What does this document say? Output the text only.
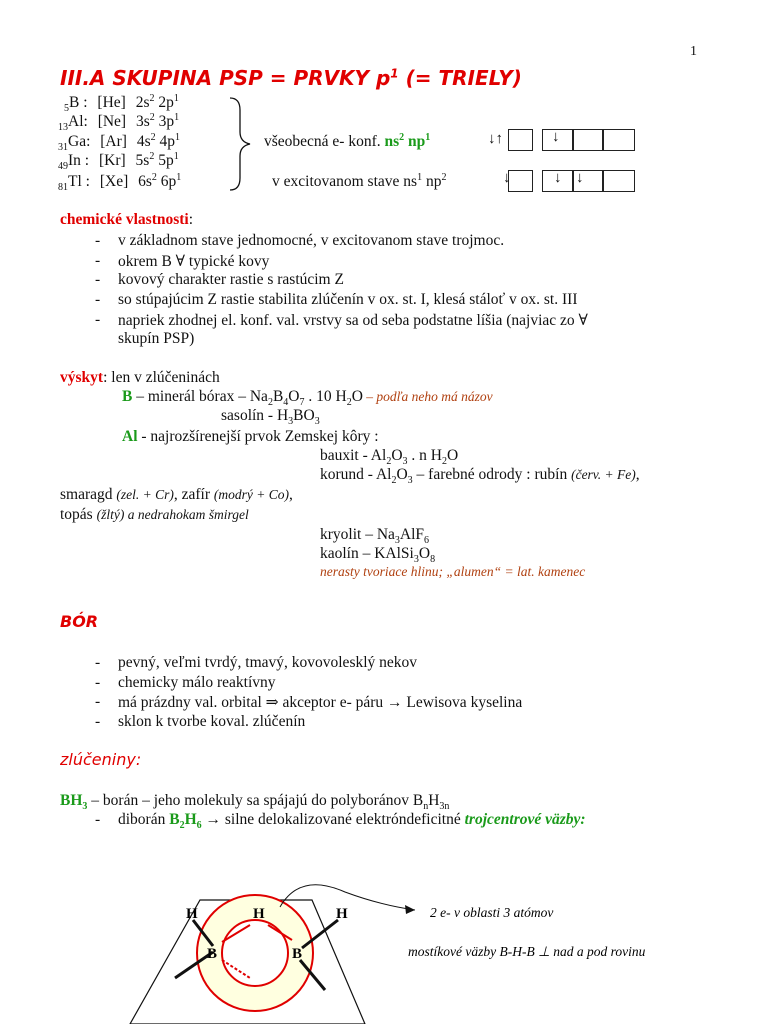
1
III.A SKUPINA PSP = PRVKY $p^1$ (= TRIELY)
$_5$B : [He] $2s^2$ $2p^1$
$_{13}$Al: [Ne] $3s^2$ $3p^1$
$_{31}$Ga: [Ar] $4s^2$ $4p^1$
$_{49}$In : [Kr] $5s^2$ $5p^1$
$_{81}$Tl : [Xe] $6s^2$ $6p^1$
všeobecná e- konf. $ns^2$ $np^1$	↓↑	↓
v excitovanom stave $ns^1$ $np^2$	↓	↓ ↓
chemické vlastnosti:
- v základnom stave jednomocné, v excitovanom stave trojmoc.
- okrem B ∀ typické kovy
- kovový charakter rastie s rastúcim Z
- so stúpajúcim Z rastie stabilita zlúčenín v ox. st. I, klesá stáloť v ox. st. III
- napriek zhodnej el. konf. val. vrstvy sa od seba podstatne líšia (najviac zo ∀
skupín PSP)
výskyt: len v zlúčeninách
B – minerál bórax – $Na_2B_4O_7$ . 10 $H_2O$ – podľa neho má názov
sasolín - $H_3BO_3$
Al - najrozšírenejší prvok Zemskej kôry :
bauxit - $Al_2O_3$ . n $H_2O$
korund - $Al_2O_3$ – farebné odrody : rubín (červ. + Fe),
smaragd (zel. + Cr), zafír (modrý + Co),
topás (žltý) a nedrahokam šmirgel
kryolit – $Na_3AlF_6$
kaolín – $KAlSi_3O_8$
nerasty tvoriace hlinu; „alumen“ = lat. kamenec
BÓR
- pevný, veľmi tvrdý, tmavý, kovovolesklý nekov
- chemicky málo reaktívny
- má prázdny val. orbital ⇒ akceptor e- páru → Lewisova kyselina
- sklon k tvorbe koval. zlúčenín
zlúčeniny:
$BH_3$ – borán – jeho molekuly sa spájajú do polyboránov $B_nH_{3n}$
- diborán $B_2H_6 \to silne$ delokalizované elektróndeficitné trojcentrové väzby:
H	H	H
B	B
2 e- v oblasti 3 atómov
mostíkové väzby B-H-B ⊥ nad a pod rovinu
